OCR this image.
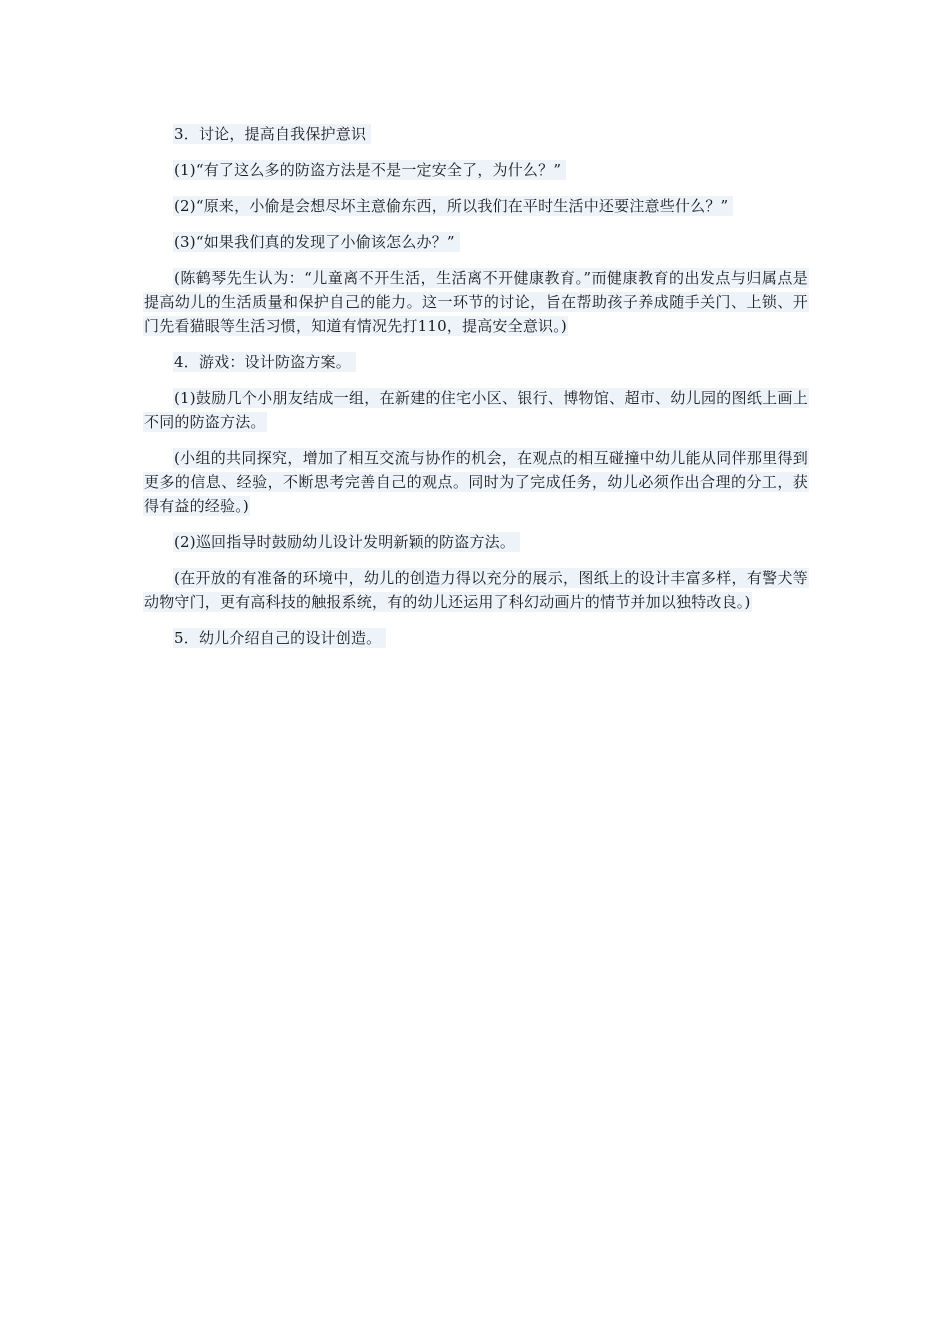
3．讨论，提高自我保护意识

(1)“有了这么多的防盗方法是不是一定安全了，为什么？”

(2)“原来，小偷是会想尽坏主意偷东西，所以我们在平时生活中还要注意些什么？”

(3)“如果我们真的发现了小偷该怎么办？”

(陈鹤琴先生认为：“儿童离不开生活，生活离不开健康教育。”而健康教育的出发点与归属点是提高幼儿的生活质量和保护自己的能力。这一环节的讨论，旨在帮助孩子养成随手关门、上锁、开门先看猫眼等生活习惯，知道有情况先打110，提高安全意识。)

4．游戏：设计防盗方案。

(1)鼓励几个小朋友结成一组，在新建的住宅小区、银行、博物馆、超市、幼儿园的图纸上画上不同的防盗方法。

(小组的共同探究，增加了相互交流与协作的机会，在观点的相互碰撞中幼儿能从同伴那里得到更多的信息、经验，不断思考完善自己的观点。同时为了完成任务，幼儿必须作出合理的分工，获得有益的经验。)

(2)巡回指导时鼓励幼儿设计发明新颖的防盗方法。

(在开放的有准备的环境中，幼儿的创造力得以充分的展示，图纸上的设计丰富多样，有警犬等动物守门，更有高科技的触报系统，有的幼儿还运用了科幻动画片的情节并加以独特改良。)

5．幼儿介绍自己的设计创造。
